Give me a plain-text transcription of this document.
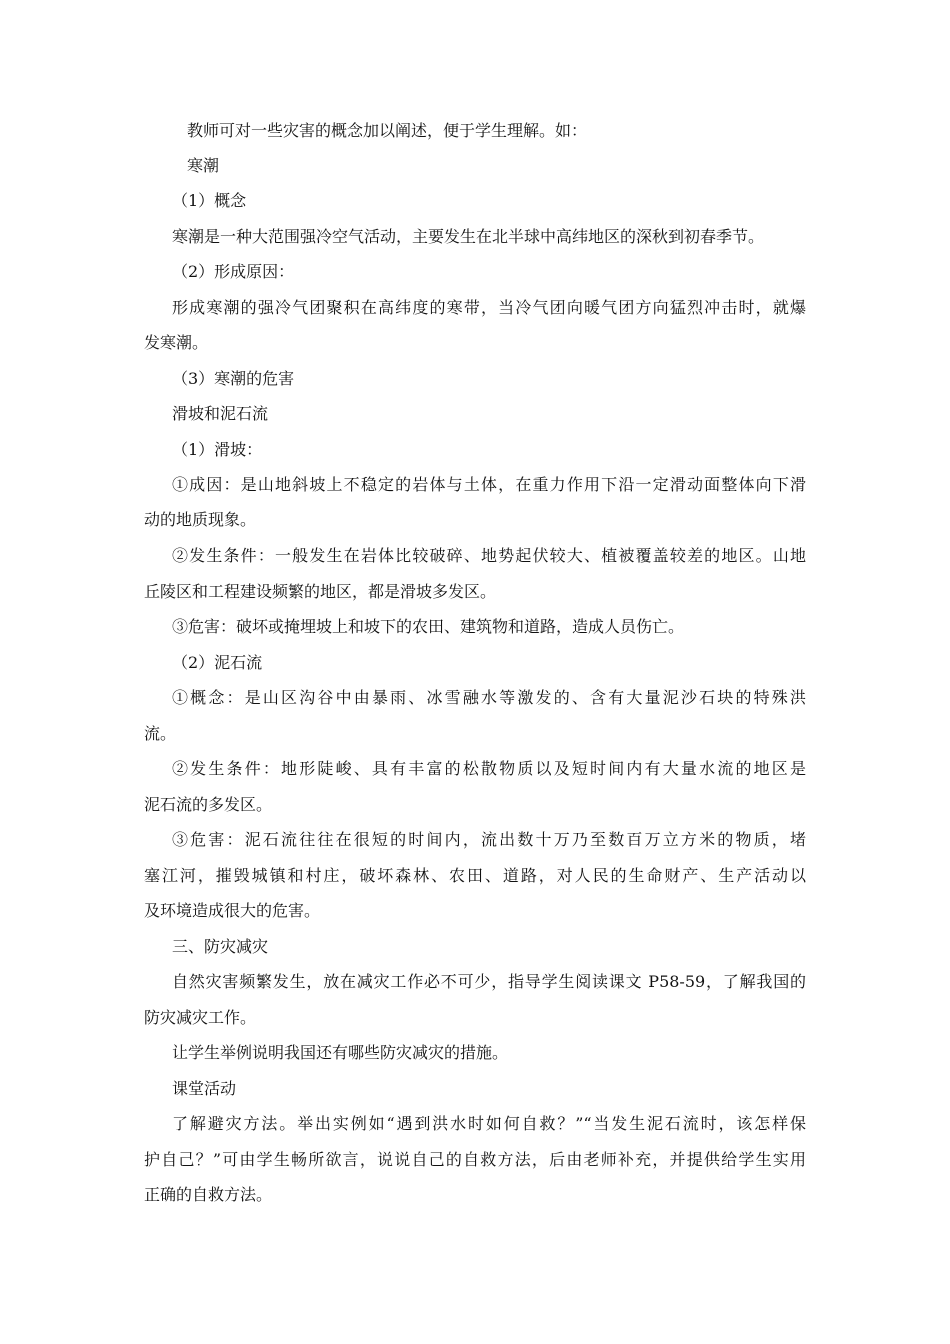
教师可对一些灾害的概念加以阐述，便于学生理解。如：
寒潮
（1）概念
寒潮是一种大范围强冷空气活动，主要发生在北半球中高纬地区的深秋到初春季节。
（2）形成原因：
形成寒潮的强冷气团聚积在高纬度的寒带，当冷气团向暖气团方向猛烈冲击时，就爆
发寒潮。
（3）寒潮的危害
滑坡和泥石流
（1）滑坡：
①成因：是山地斜坡上不稳定的岩体与土体，在重力作用下沿一定滑动面整体向下滑
动的地质现象。
②发生条件：一般发生在岩体比较破碎、地势起伏较大、植被覆盖较差的地区。山地
丘陵区和工程建设频繁的地区，都是滑坡多发区。
③危害：破坏或掩埋坡上和坡下的农田、建筑物和道路，造成人员伤亡。
（2）泥石流
①概念：是山区沟谷中由暴雨、冰雪融水等激发的、含有大量泥沙石块的特殊洪
流。
②发生条件：地形陡峻、具有丰富的松散物质以及短时间内有大量水流的地区是
泥石流的多发区。
③危害：泥石流往往在很短的时间内，流出数十万乃至数百万立方米的物质，堵
塞江河，摧毁城镇和村庄，破坏森林、农田、道路，对人民的生命财产、生产活动以
及环境造成很大的危害。
三、防灾减灾
自然灾害频繁发生，放在减灾工作必不可少，指导学生阅读课文 P58-59，了解我国的
防灾减灾工作。
让学生举例说明我国还有哪些防灾减灾的措施。
课堂活动
了解避灾方法。举出实例如“遇到洪水时如何自救？”“当发生泥石流时，该怎样保
护自己？”可由学生畅所欲言，说说自己的自救方法，后由老师补充，并提供给学生实用
正确的自救方法。
